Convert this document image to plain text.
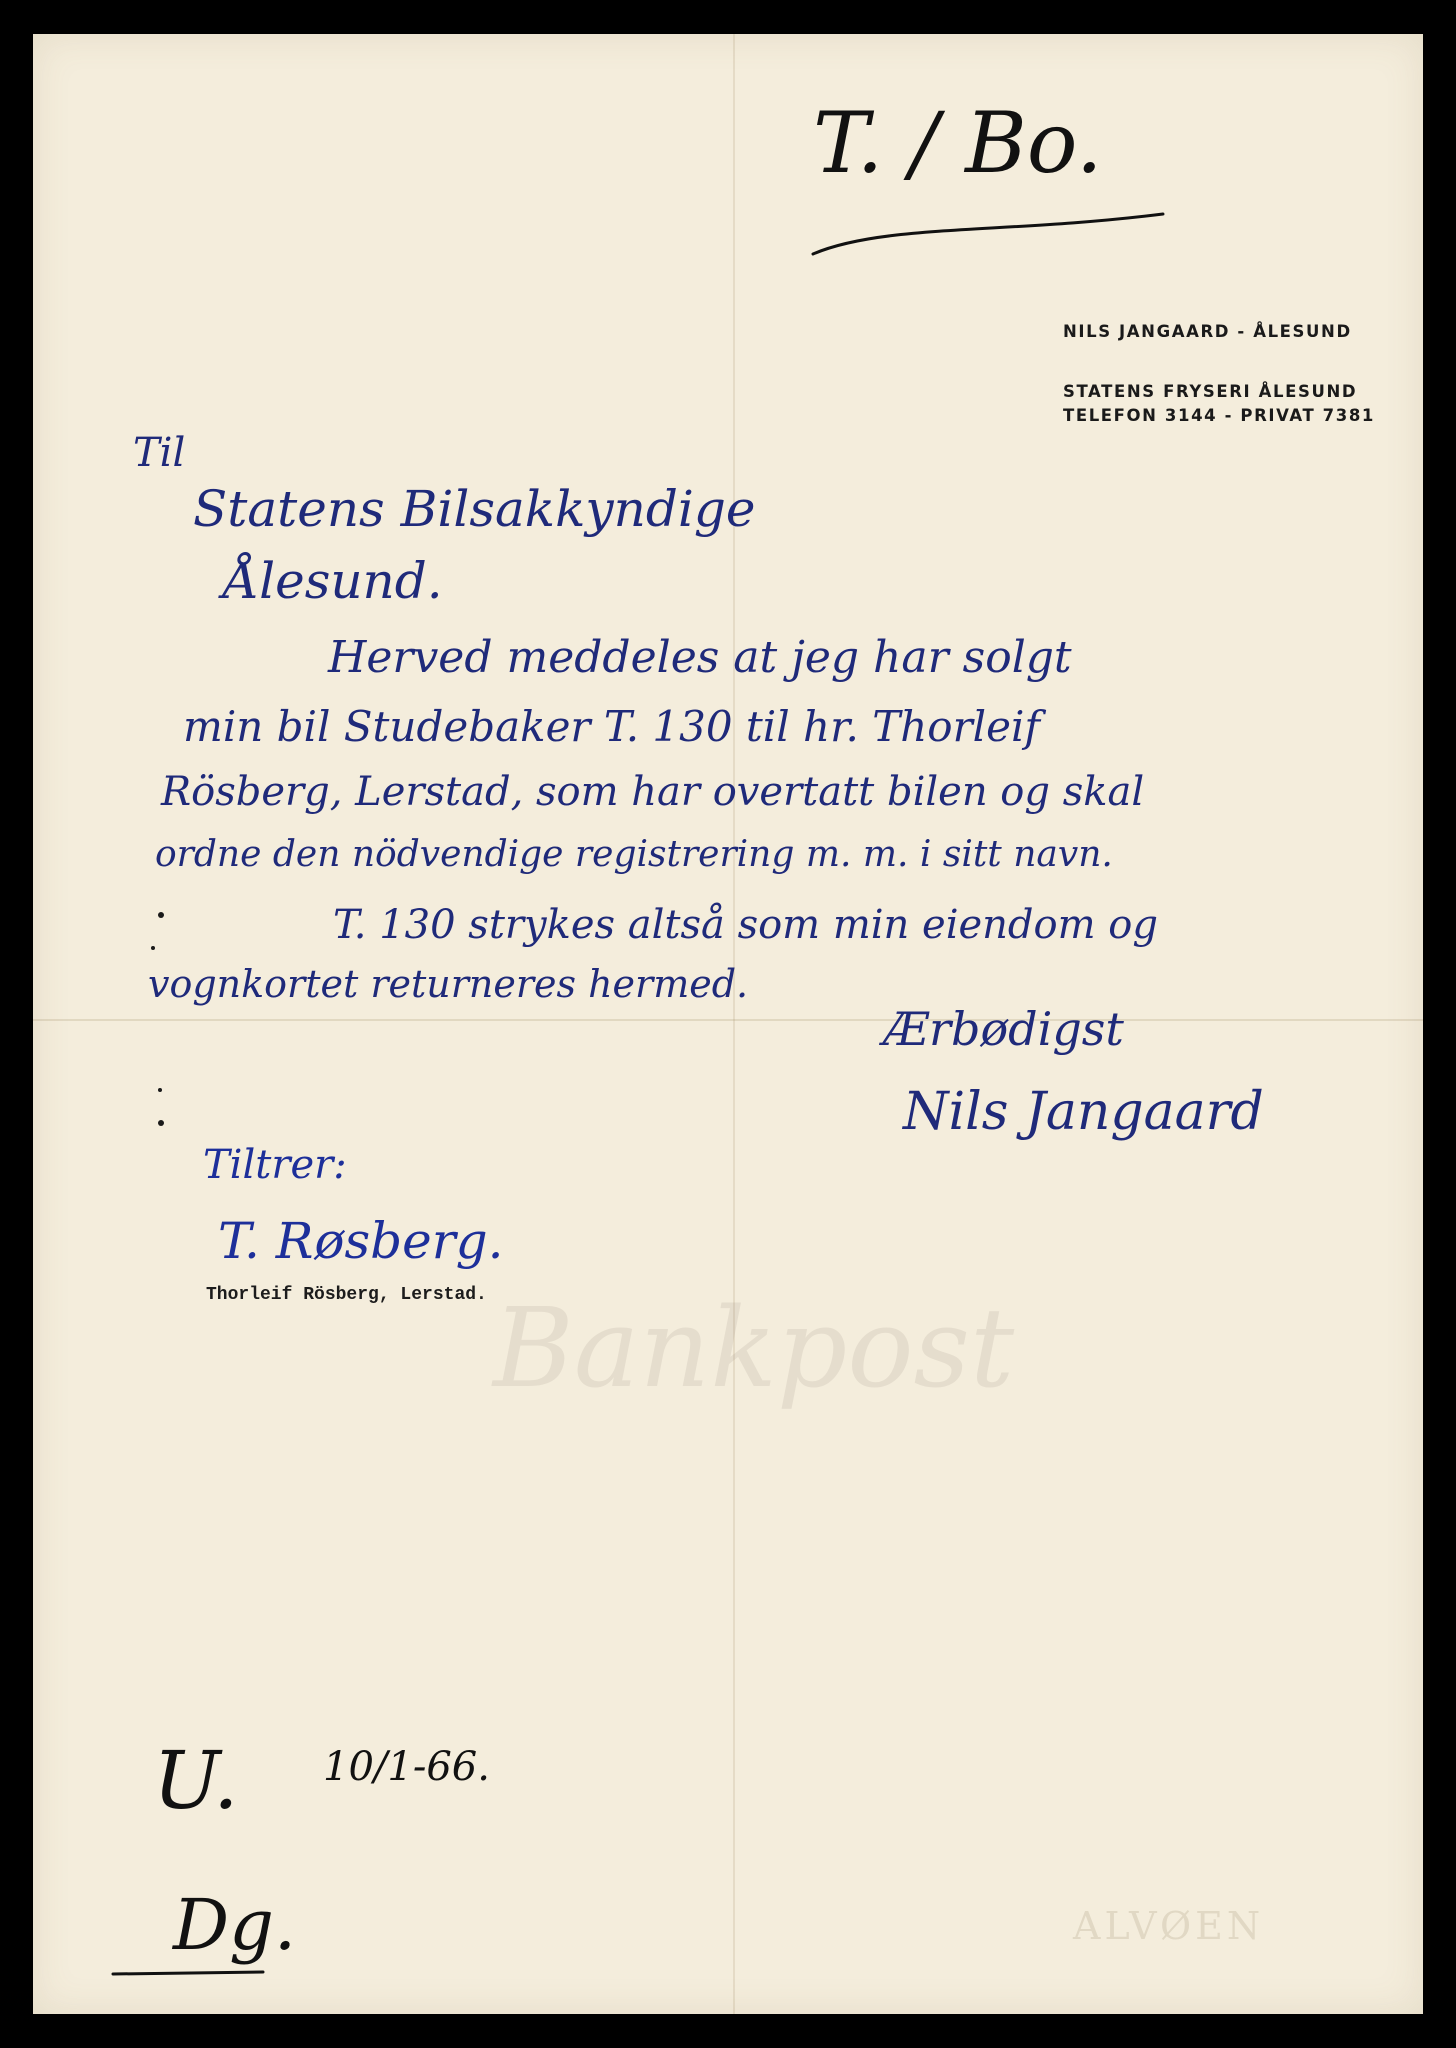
Bankpost
ALVØEN
T. / Bo.
NILS JANGAARD - ÅLESUND
STATENS FRYSERI ÅLESUND
TELEFON 3144 - PRIVAT 7381
Til
Statens Bilsakkyndige
Ålesund.
Herved meddeles at jeg har solgt
min bil Studebaker T. 130 til hr. Thorleif
Rösberg, Lerstad, som har overtatt bilen og skal
ordne den nödvendige registrering m. m. i sitt navn.
T. 130 strykes altså som min eiendom og
vognkortet returneres hermed.
Ærbødigst
Nils Jangaard
Tiltrer:
T. Røsberg.
Thorleif Rösberg, Lerstad.
U. 10/1-66.
Dg.
